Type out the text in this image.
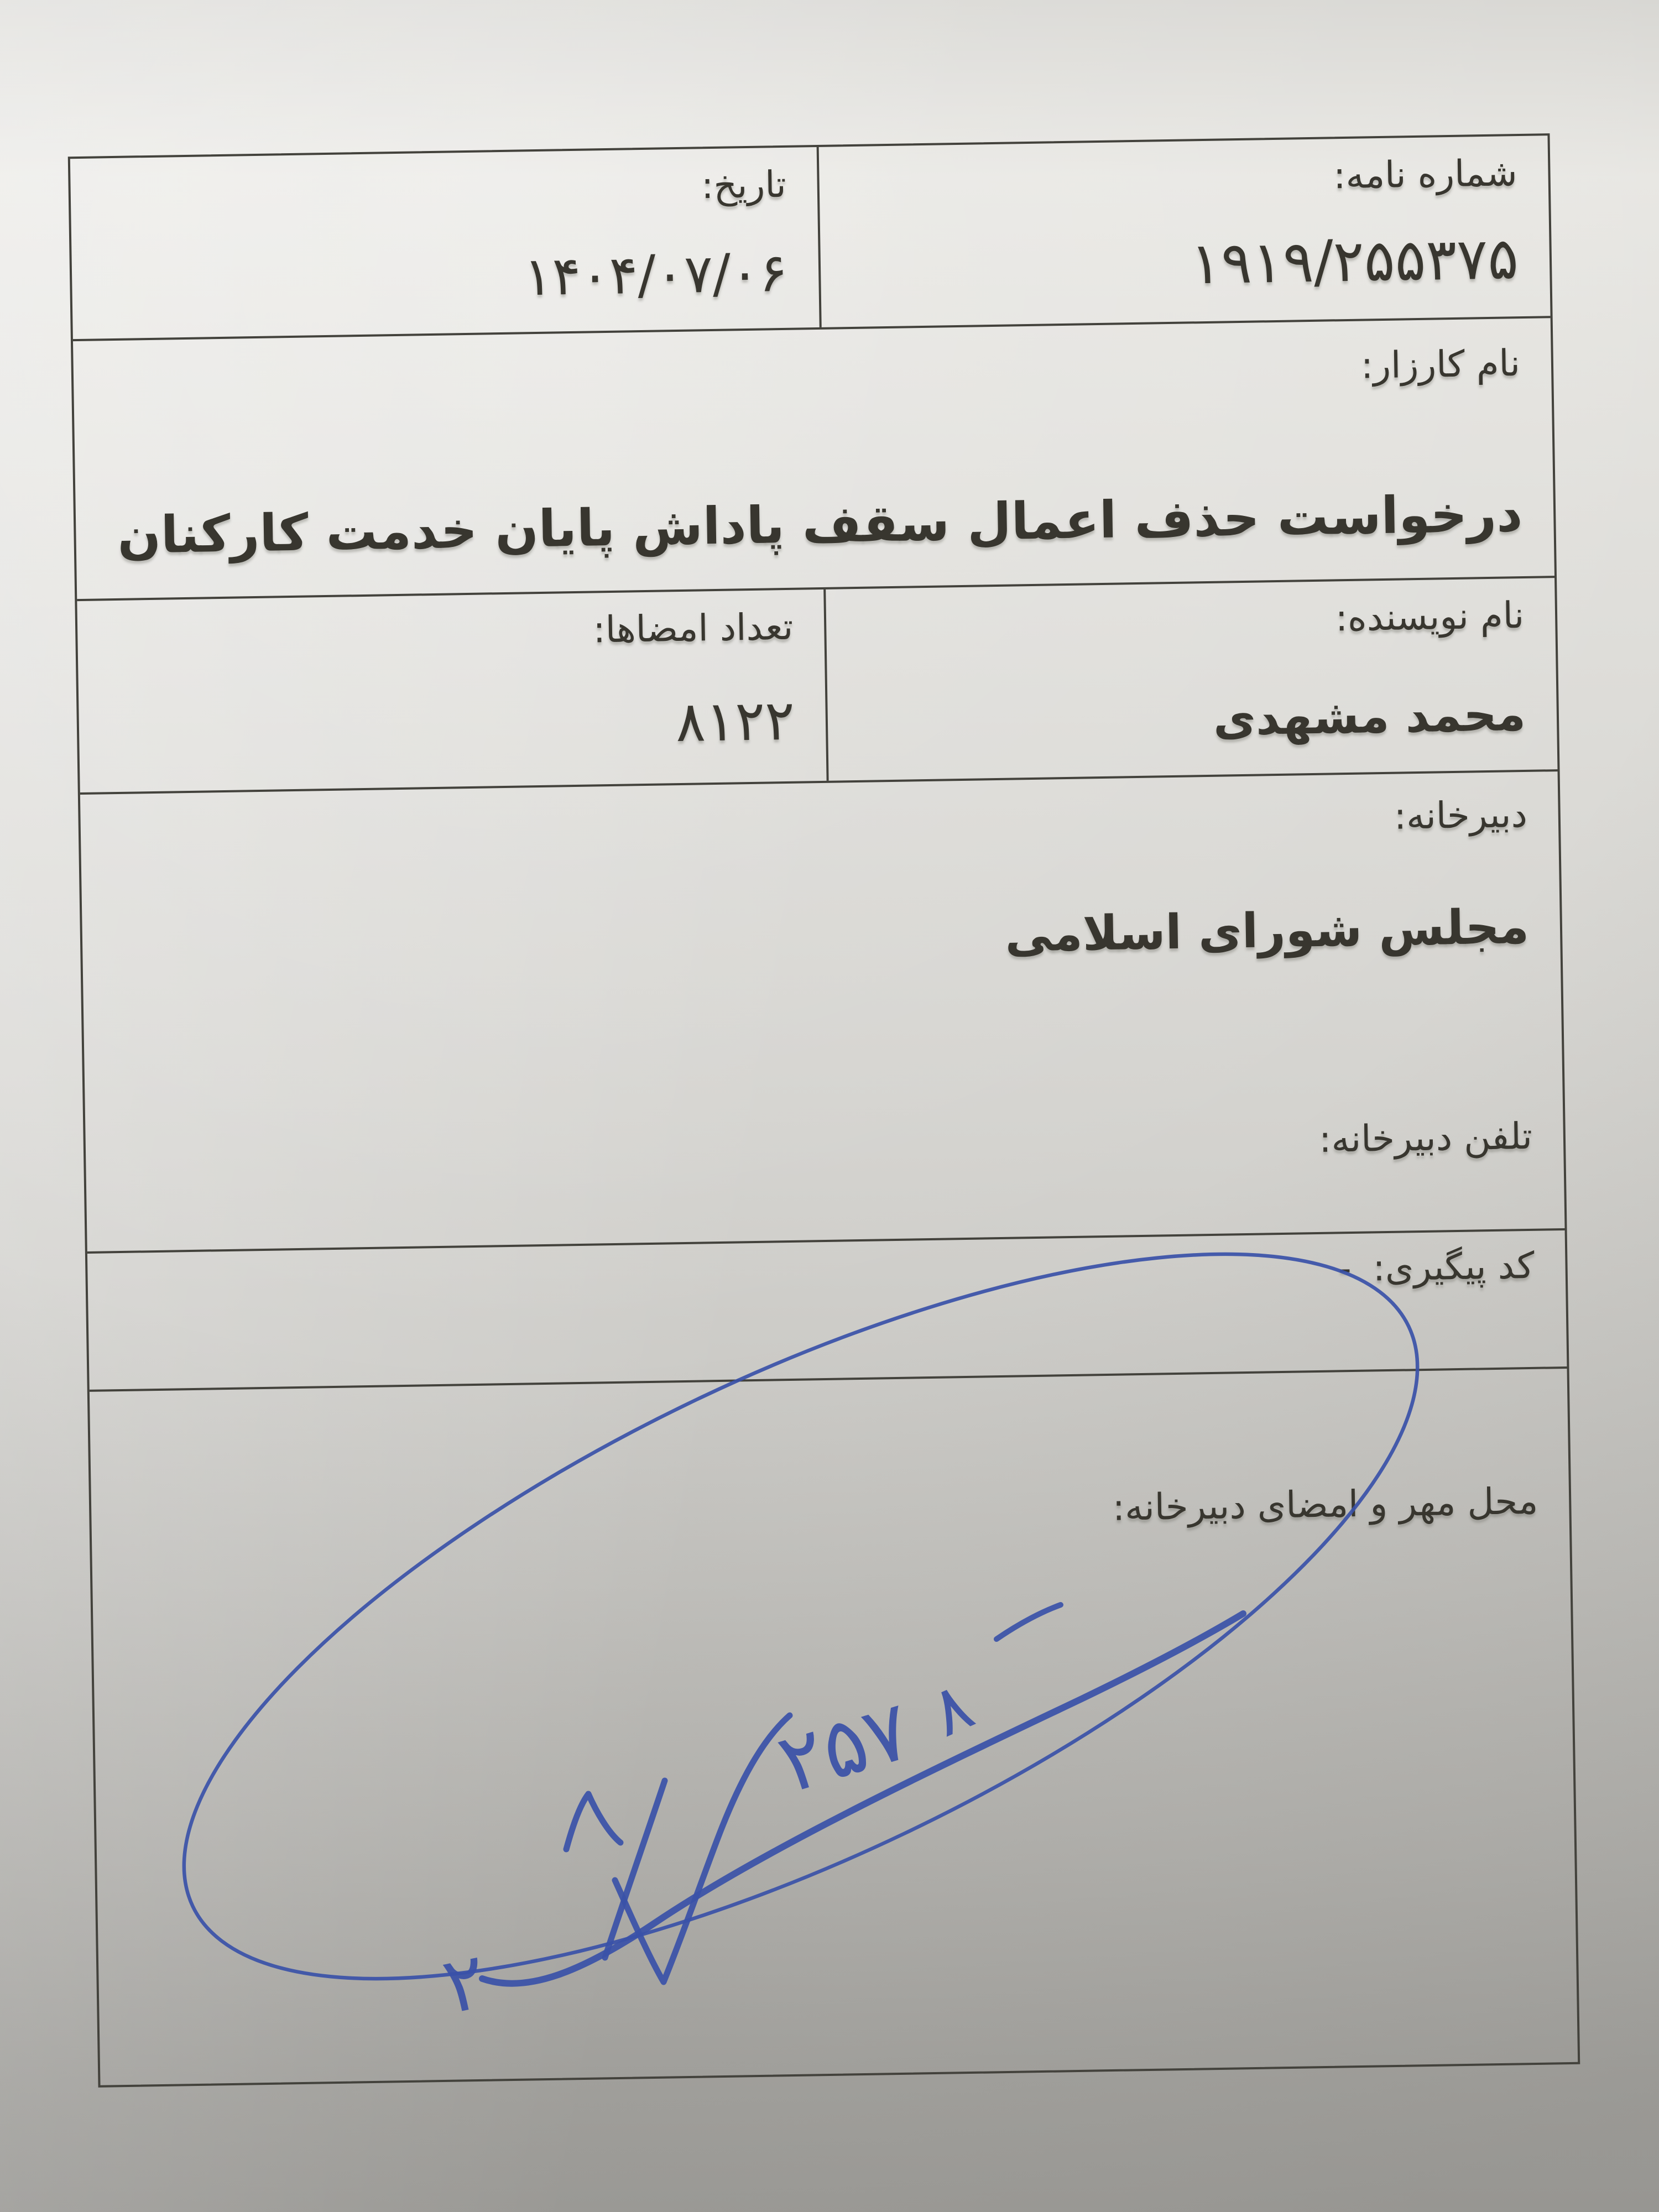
شماره نامه:
۱۹۱۹/۲۵۵۳۷۵
تاریخ:
۱۴۰۴/۰۷/۰۶
نام کارزار:
درخواست حذف اعمال سقف پاداش پایان خدمت کارکنان
نام نویسنده:
محمد مشهدی
تعداد امضاها:
۸۱۲۲
دبیرخانه:
مجلس شورای اسلامی
تلفن دبیرخانه:
کد پیگیری: -
محل مهر و امضای دبیرخانه:
۲۵۷
۸
۲
